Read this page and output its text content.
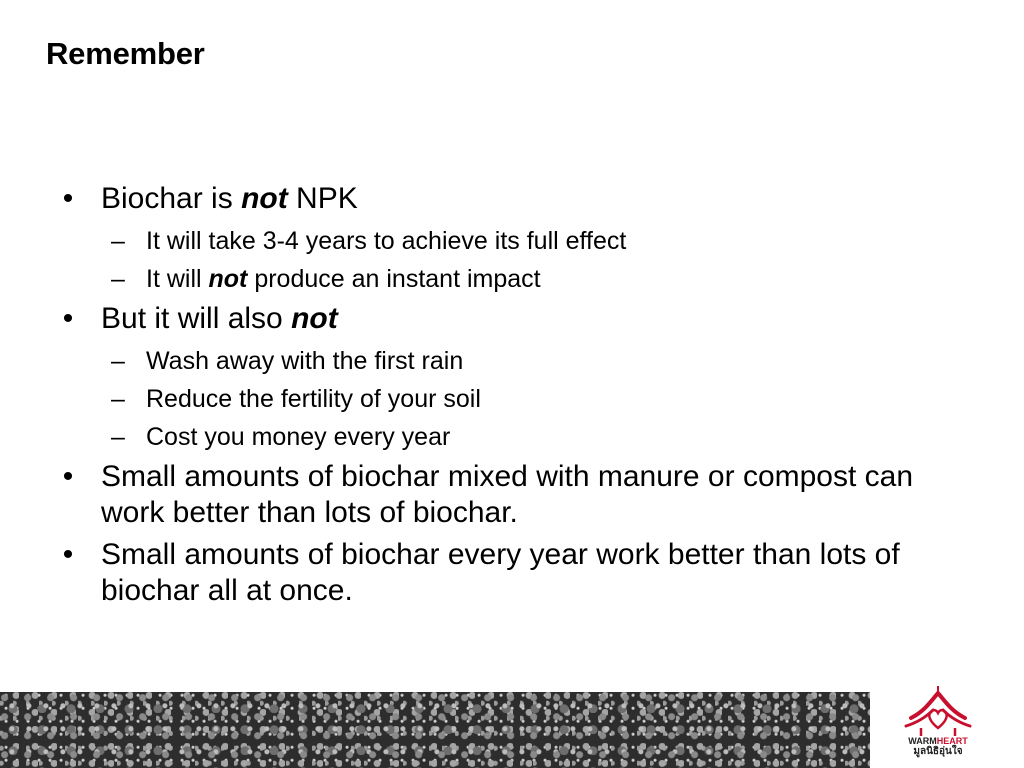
Remember
• Biochar is not NPK
– It will take 3-4 years to achieve its full effect
– It will not produce an instant impact
• But it will also not
– Wash away with the first rain
– Reduce the fertility of your soil
– Cost you money every year
• Small amounts of biochar mixed with manure or compost can work better than lots of biochar.
• Small amounts of biochar every year work better than lots of biochar all at once.
WARMHEART
มูลนิธิอุ่นใจ
